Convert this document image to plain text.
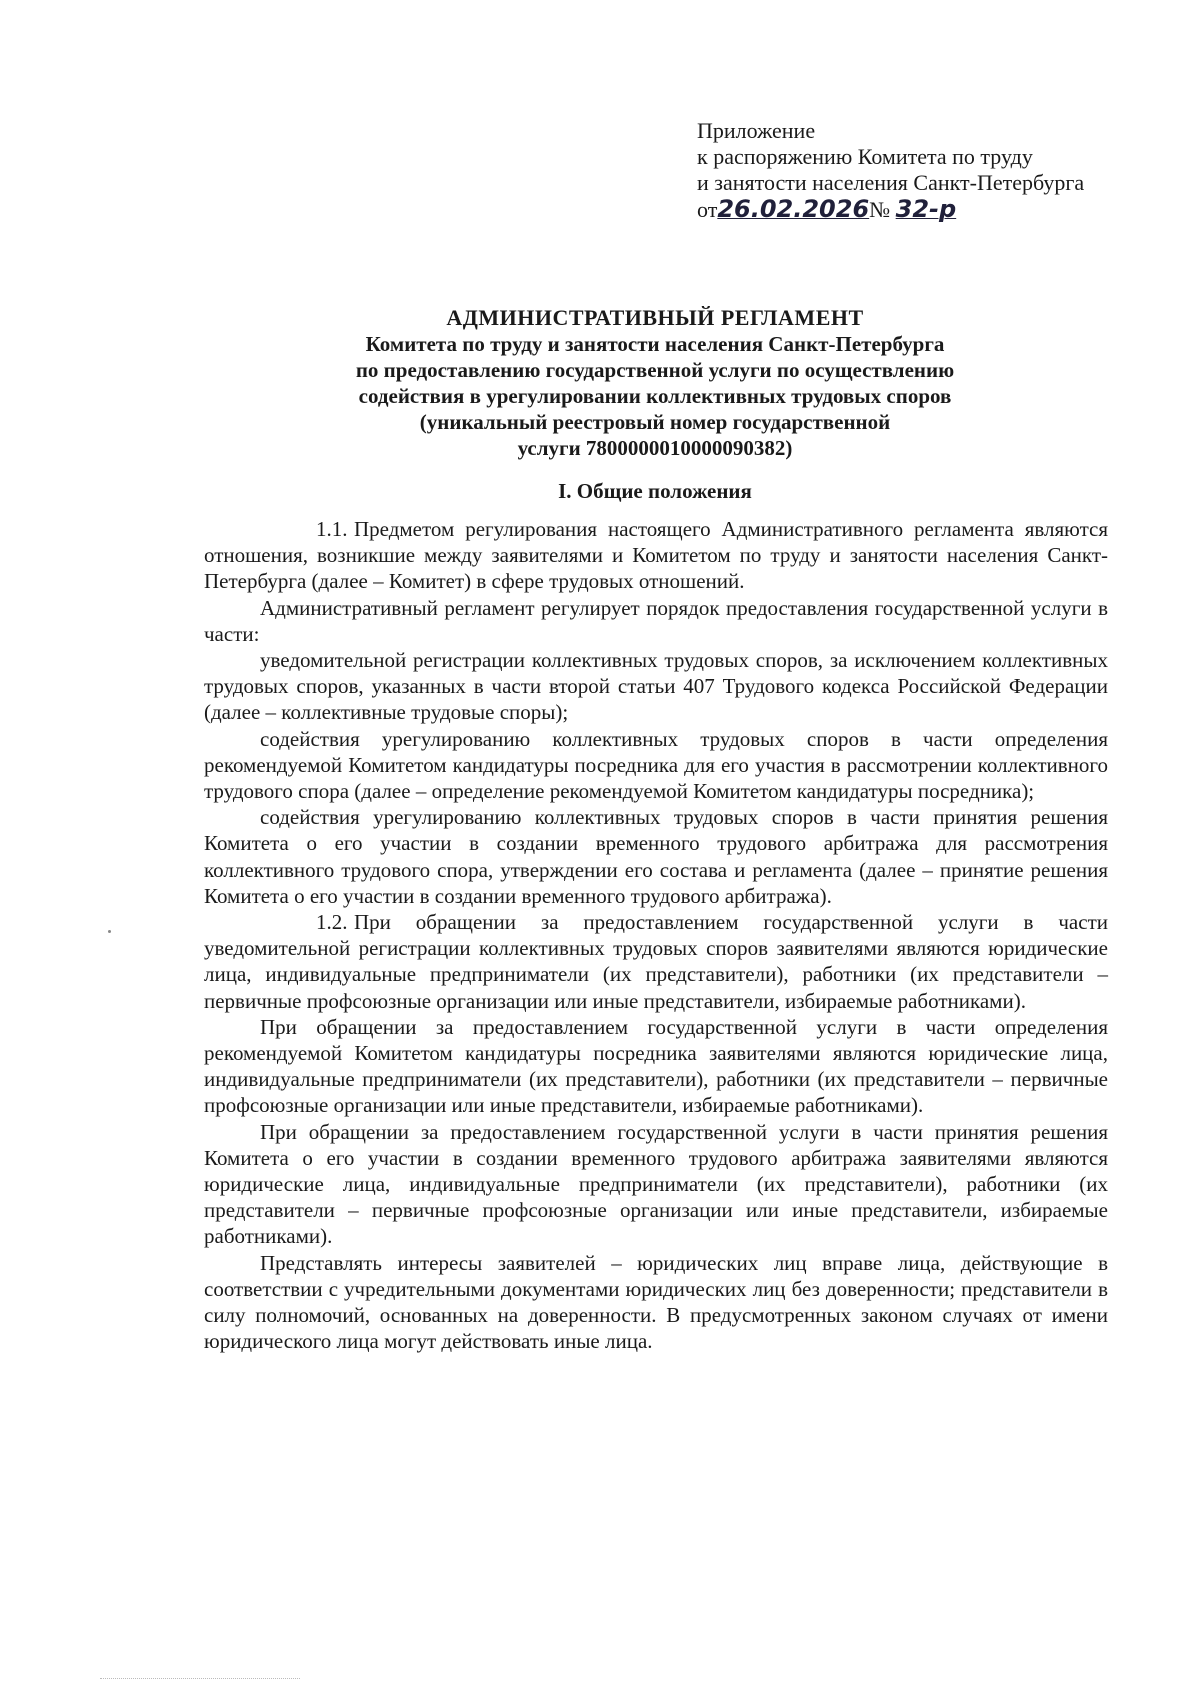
Приложение
к распоряжению Комитета по труду
и занятости населения Санкт-Петербурга
от26.02.2026№ 32-р
АДМИНИСТРАТИВНЫЙ РЕГЛАМЕНТ
Комитета по труду и занятости населения Санкт-Петербурга
по предоставлению государственной услуги по осуществлению
содействия в урегулировании коллективных трудовых споров
(уникальный реестровый номер государственной
услуги 7800000010000090382)
I. Общие положения

1.1. Предметом регулирования настоящего Административного регламента являются отношения, возникшие между заявителями и Комитетом по труду и занятости населения Санкт-Петербурга (далее – Комитет) в сфере трудовых отношений.

Административный регламент регулирует порядок предоставления государственной услуги в части:

уведомительной регистрации коллективных трудовых споров, за исключением коллективных трудовых споров, указанных в части второй статьи 407 Трудового кодекса Российской Федерации (далее – коллективные трудовые споры);

содействия урегулированию коллективных трудовых споров в части определения рекомендуемой Комитетом кандидатуры посредника для его участия в рассмотрении коллективного трудового спора (далее – определение рекомендуемой Комитетом кандидатуры посредника);

содействия урегулированию коллективных трудовых споров в части принятия решения Комитета о его участии в создании временного трудового арбитража для рассмотрения коллективного трудового спора, утверждении его состава и регламента (далее – принятие решения Комитета о его участии в создании временного трудового арбитража).

1.2. При обращении за предоставлением государственной услуги в части уведомительной регистрации коллективных трудовых споров заявителями являются юридические лица, индивидуальные предприниматели (их представители), работники (их представители – первичные профсоюзные организации или иные представители, избираемые работниками).

При обращении за предоставлением государственной услуги в части определения рекомендуемой Комитетом кандидатуры посредника заявителями являются юридические лица, индивидуальные предприниматели (их представители), работники (их представители – первичные профсоюзные организации или иные представители, избираемые работниками).

При обращении за предоставлением государственной услуги в части принятия решения Комитета о его участии в создании временного трудового арбитража заявителями являются юридические лица, индивидуальные предприниматели (их представители), работники (их представители – первичные профсоюзные организации или иные представители, избираемые работниками).

Представлять интересы заявителей – юридических лиц вправе лица, действующие в соответствии с учредительными документами юридических лиц без доверенности; представители в силу полномочий, основанных на доверенности. В предусмотренных законом случаях от имени юридического лица могут действовать иные лица.
